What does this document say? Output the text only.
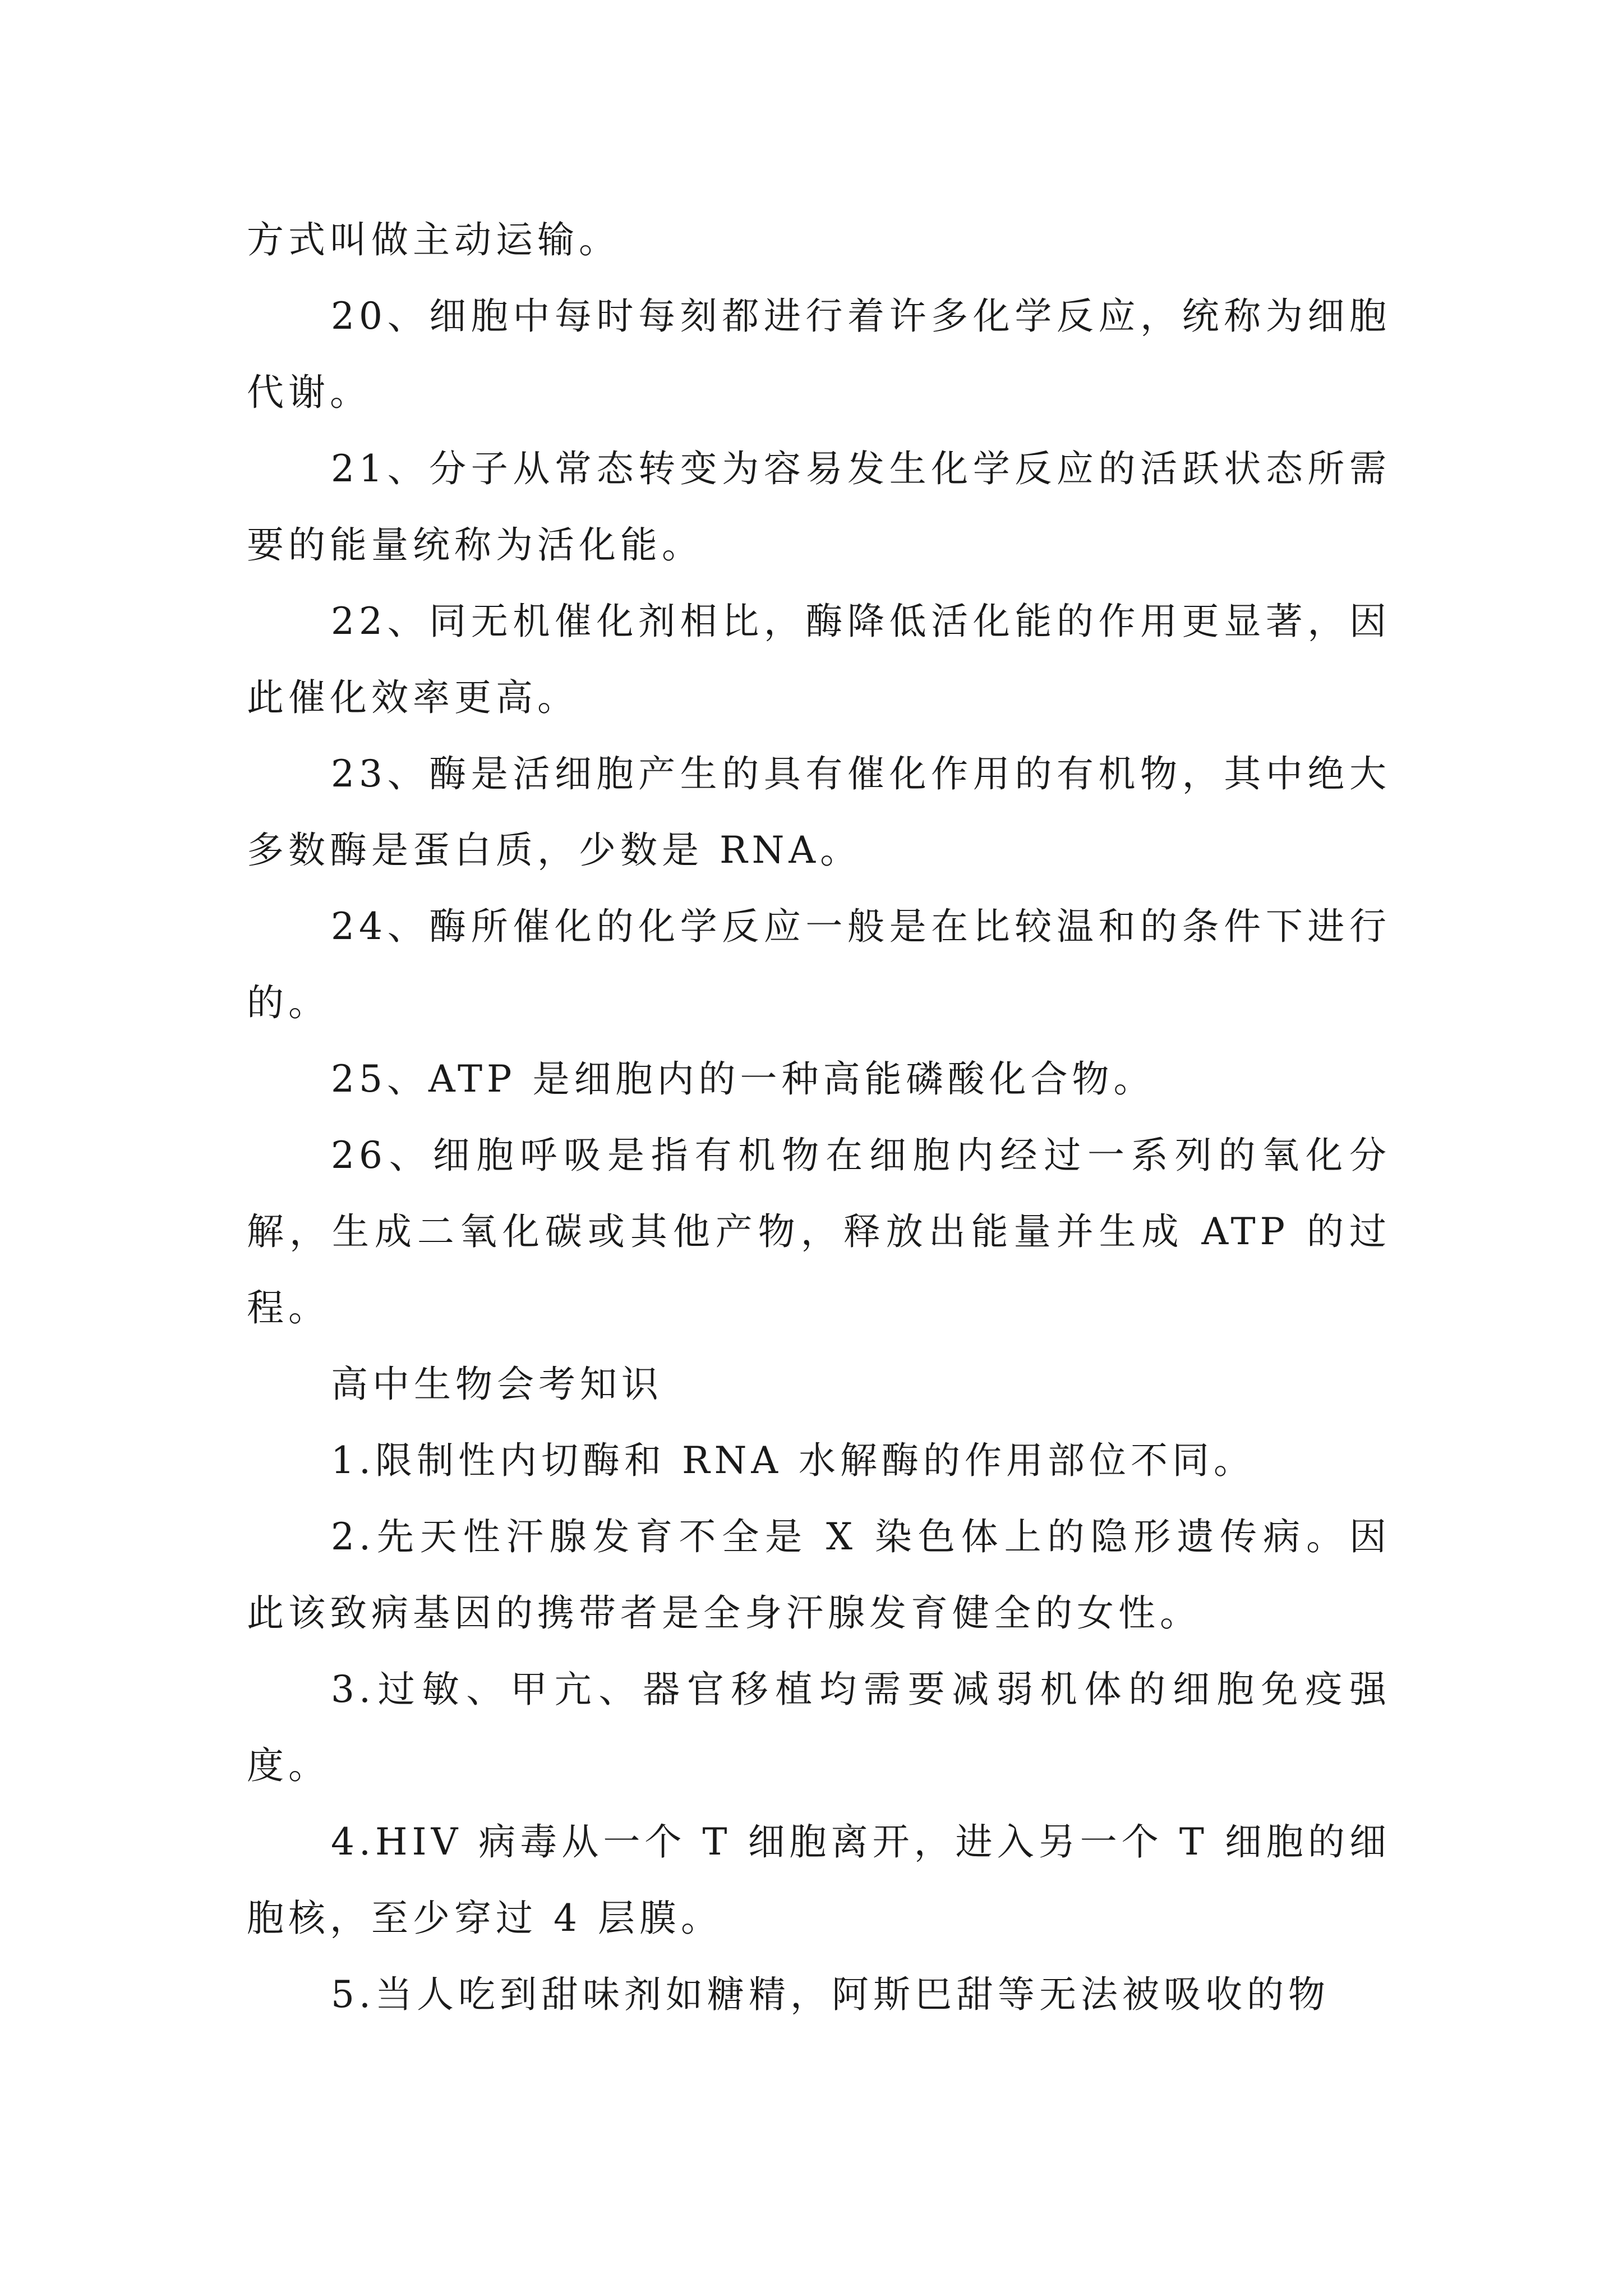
方式叫做主动运输。

20、细胞中每时每刻都进行着许多化学反应，统称为细胞代谢。

21、分子从常态转变为容易发生化学反应的活跃状态所需要的能量统称为活化能。

22、同无机催化剂相比，酶降低活化能的作用更显著，因此催化效率更高。

23、酶是活细胞产生的具有催化作用的有机物，其中绝大多数酶是蛋白质，少数是 RNA。

24、酶所催化的化学反应一般是在比较温和的条件下进行的。

25、ATP 是细胞内的一种高能磷酸化合物。

26、细胞呼吸是指有机物在细胞内经过一系列的氧化分解，生成二氧化碳或其他产物，释放出能量并生成 ATP 的过程。

高中生物会考知识

1.限制性内切酶和 RNA 水解酶的作用部位不同。

2.先天性汗腺发育不全是 X 染色体上的隐形遗传病。因此该致病基因的携带者是全身汗腺发育健全的女性。

3.过敏、甲亢、器官移植均需要减弱机体的细胞免疫强度。

4.HIV 病毒从一个 T 细胞离开，进入另一个 T 细胞的细胞核，至少穿过 4 层膜。

5.当人吃到甜味剂如糖精，阿斯巴甜等无法被吸收的物
